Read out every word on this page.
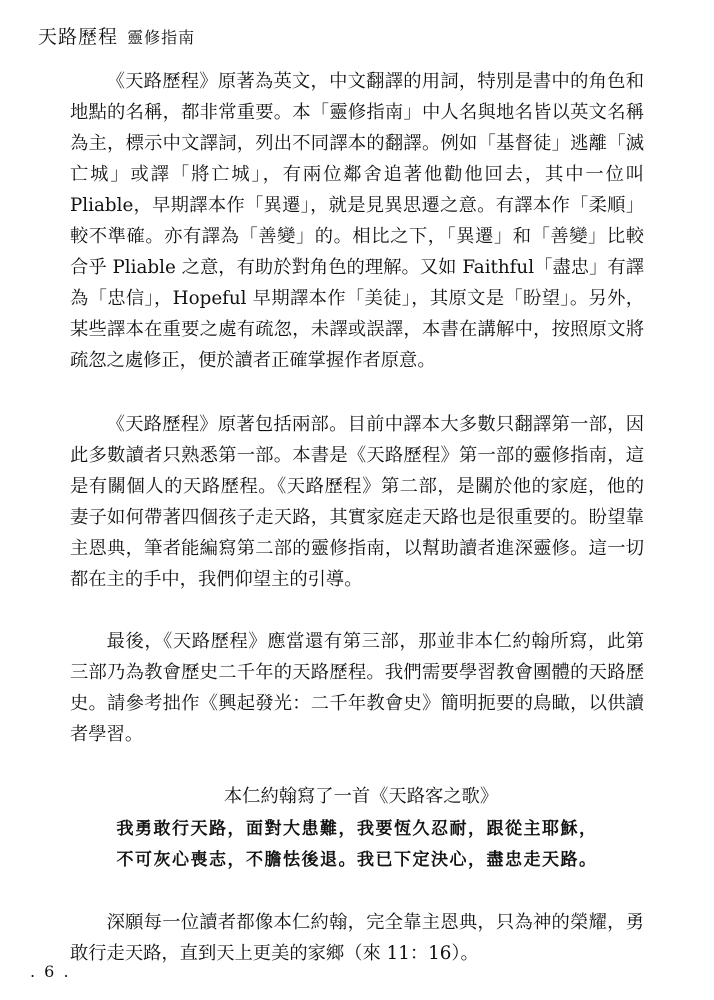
天路歷程 靈修指南

《天路歷程》原著為英文，中文翻譯的用詞，特別是書中的角色和地點的名稱，都非常重要。本「靈修指南」中人名與地名皆以英文名稱為主，標示中文譯詞，列出不同譯本的翻譯。例如「基督徒」逃離「滅亡城」或譯「將亡城」，有兩位鄰舍追著他勸他回去，其中一位叫 Pliable，早期譯本作「異遷」，就是見異思遷之意。有譯本作「柔順」較不準確。亦有譯為「善變」的。相比之下，「異遷」和「善變」比較合乎 Pliable 之意，有助於對角色的理解。又如 Faithful「盡忠」有譯為「忠信」，Hopeful 早期譯本作「美徒」，其原文是「盼望」。另外，某些譯本在重要之處有疏忽，未譯或誤譯，本書在講解中，按照原文將疏忽之處修正，便於讀者正確掌握作者原意。

《天路歷程》原著包括兩部。目前中譯本大多數只翻譯第一部，因此多數讀者只熟悉第一部。本書是《天路歷程》第一部的靈修指南，這是有關個人的天路歷程。《天路歷程》第二部，是關於他的家庭，他的妻子如何帶著四個孩子走天路，其實家庭走天路也是很重要的。盼望靠主恩典，筆者能編寫第二部的靈修指南，以幫助讀者進深靈修。這一切都在主的手中，我們仰望主的引導。

最後，《天路歷程》應當還有第三部，那並非本仁約翰所寫，此第三部乃為教會歷史二千年的天路歷程。我們需要學習教會團體的天路歷史。請參考拙作《興起發光：二千年教會史》簡明扼要的鳥瞰，以供讀者學習。

本仁約翰寫了一首《天路客之歌》

我勇敢行天路，面對大患難，我要恆久忍耐，跟從主耶穌，

不可灰心喪志，不膽怯後退。我已下定決心，盡忠走天路。

深願每一位讀者都像本仁約翰，完全靠主恩典，只為神的榮耀，勇敢行走天路，直到天上更美的家鄉（來 11：16）。

. 6 .
